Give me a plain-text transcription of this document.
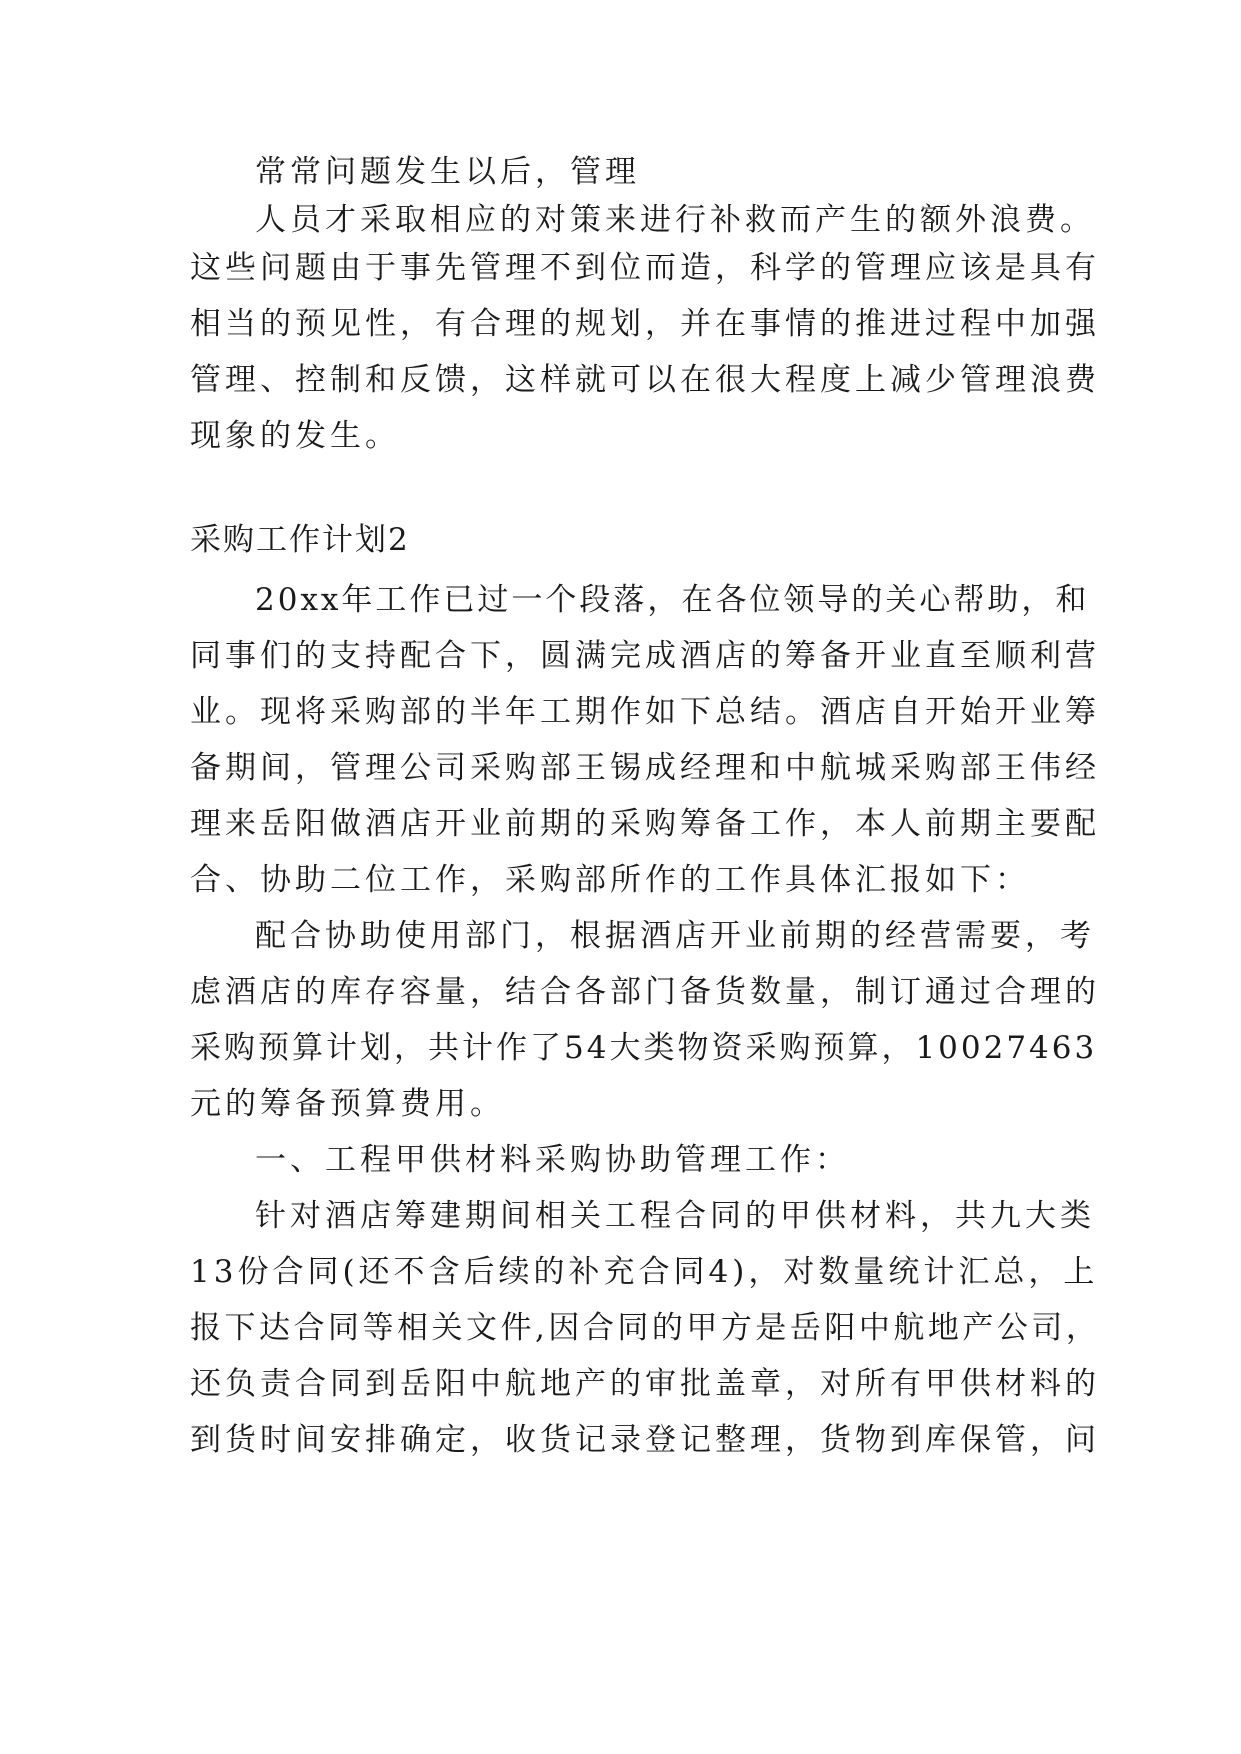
常常问题发生以后，管理
人员才采取相应的对策来进行补救而产生的额外浪费。
这些问题由于事先管理不到位而造，科学的管理应该是具有
相当的预见性，有合理的规划，并在事情的推进过程中加强
管理、控制和反馈，这样就可以在很大程度上减少管理浪费
现象的发生。
采购工作计划2
20xx年工作已过一个段落，在各位领导的关心帮助，和
同事们的支持配合下，圆满完成酒店的筹备开业直至顺利营
业。现将采购部的半年工期作如下总结。酒店自开始开业筹
备期间，管理公司采购部王锡成经理和中航城采购部王伟经
理来岳阳做酒店开业前期的采购筹备工作，本人前期主要配
合、协助二位工作，采购部所作的工作具体汇报如下：
配合协助使用部门，根据酒店开业前期的经营需要，考
虑酒店的库存容量，结合各部门备货数量，制订通过合理的
采购预算计划，共计作了54大类物资采购预算，10027463
元的筹备预算费用。
一、工程甲供材料采购协助管理工作：
针对酒店筹建期间相关工程合同的甲供材料，共九大类
13份合同(还不含后续的补充合同4)，对数量统计汇总，上
报下达合同等相关文件,因合同的甲方是岳阳中航地产公司，
还负责合同到岳阳中航地产的审批盖章，对所有甲供材料的
到货时间安排确定，收货记录登记整理，货物到库保管，问
